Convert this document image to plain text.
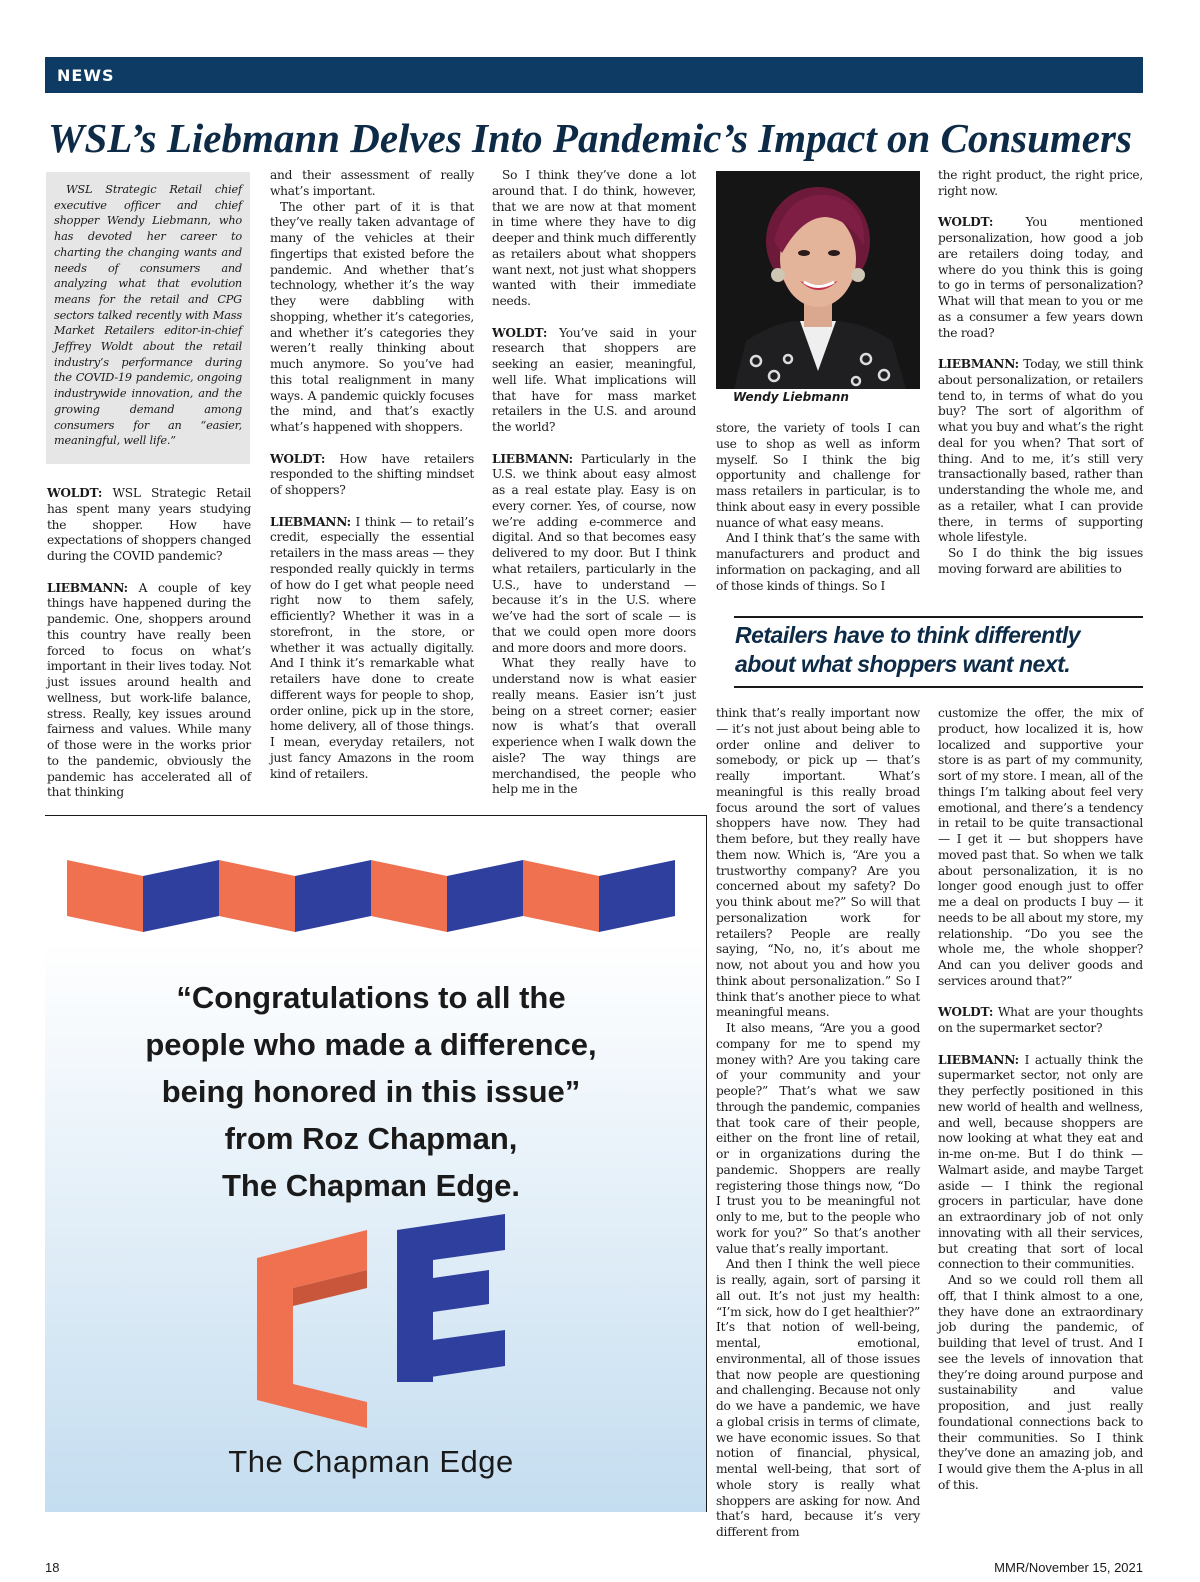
NEWS
WSL’s Liebmann Delves Into Pandemic’s Impact on Consumers

WSL Strategic Retail chief executive officer and chief shopper Wendy Liebmann, who has devoted her career to charting the changing wants and needs of consumers and analyzing what that evolution means for the retail and CPG sectors talked recently with Mass Market Retailers editor-in-chief Jeffrey Woldt about the retail industry’s performance during the COVID-19 pandemic, ongoing industrywide innovation, and the growing demand among consumers for an “easier, meaningful, well life.”

WOLDT: WSL Strategic Retail has spent many years studying the shopper. How have expectations of shoppers changed during the COVID pandemic?

LIEBMANN: A couple of key things have happened during the pandemic. One, shoppers around this country have really been forced to focus on what’s important in their lives today. Not just issues around health and wellness, but work-life balance, stress. Really, key issues around fairness and values. While many of those were in the works prior to the pandemic, obviously the pandemic has accelerated all of that thinking

and their assessment of really what’s important.

The other part of it is that they’ve really taken advantage of many of the vehicles at their fingertips that existed before the pandemic. And whether that’s technology, whether it’s the way they were dabbling with shopping, whether it’s categories, and whether it’s categories they weren’t really thinking about much anymore. So you’ve had this total realignment in many ways. A pandemic quickly focuses the mind, and that’s exactly what’s happened with shoppers.

WOLDT: How have retailers responded to the shifting mindset of shoppers?

LIEBMANN: I think — to retail’s credit, especially the essential retailers in the mass areas — they responded really quickly in terms of how do I get what people need right now to them safely, efficiently? Whether it was in a storefront, in the store, or whether it was actually digitally. And I think it’s remarkable what retailers have done to create different ways for people to shop, order online, pick up in the store, home delivery, all of those things. I mean, everyday retailers, not just fancy Amazons in the room kind of retailers.

So I think they’ve done a lot around that. I do think, however, that we are now at that moment in time where they have to dig deeper and think much differently as retailers about what shoppers want next, not just what shoppers wanted with their immediate needs.

WOLDT: You’ve said in your research that shoppers are seeking an easier, meaningful, well life. What implications will that have for mass market retailers in the U.S. and around the world?

LIEBMANN: Particularly in the U.S. we think about easy almost as a real estate play. Easy is on every corner. Yes, of course, now we’re adding e-commerce and digital. And so that becomes easy delivered to my door. But I think what retailers, particularly in the U.S., have to understand — because it’s in the U.S. where we’ve had the sort of scale — is that we could open more doors and more doors and more doors.

What they really have to understand now is what easier really means. Easier isn’t just being on a street corner; easier now is what’s that overall experience when I walk down the aisle? The way things are merchandised, the people who help me in the

Wendy Liebmann

store, the variety of tools I can use to shop as well as inform myself. So I think the big opportunity and challenge for mass retailers in particular, is to think about easy in every possible nuance of what easy means.

And I think that’s the same with manufacturers and product and information on packaging, and all of those kinds of things. So I

the right product, the right price, right now.

WOLDT:	You mentioned personalization, how good a job are retailers doing today, and where do you think this is going to go in terms of personalization? What will that mean to you or me as a consumer a few years down the road?

LIEBMANN: Today, we still think about personalization, or retailers tend to, in terms of what do you buy? The sort of algorithm of what you buy and what’s the right deal for you when? That sort of thing. And to me, it’s still very transactionally based, rather than understanding the whole me, and as a retailer, what I can provide there, in terms of supporting whole lifestyle.

So I do think the big issues moving forward are abilities to

Retailers have to think differently about what shoppers want next.

think that’s really important now — it’s not just about being able to order online and deliver to somebody, or pick up — that’s really important. What’s meaningful is this really broad focus around the sort of values shoppers have now. They had them before, but they really have them now. Which is, “Are you a trustworthy company? Are you concerned about my safety? Do you think about me?” So will that personalization work for retailers? People are really saying, “No, no, it’s about me now, not about you and how you think about personalization.” So I think that’s another piece to what meaningful means.

It also means, “Are you a good company for me to spend my money with? Are you taking care of your community and your people?” That’s what we saw through the pandemic, companies that took care of their people, either on the front line of retail, or in organizations during the pandemic. Shoppers are really registering those things now, “Do I trust you to be meaningful not only to me, but to the people who work for you?” So that’s another value that’s really important.

And then I think the well piece is really, again, sort of parsing it all out. It’s not just my health: “I’m sick, how do I get healthier?” It’s that notion of well-being, mental, emotional, environmental, all of those issues that now people are questioning and challenging. Because not only do we have a pandemic, we have a global crisis in terms of climate, we have economic issues. So that notion of financial, physical, mental well-being, that sort of whole story is really what shoppers are asking for now. And that’s hard, because it’s very different from

customize the offer, the mix of product, how localized it is, how localized and supportive your store is as part of my community, sort of my store. I mean, all of the things I’m talking about feel very emotional, and there’s a tendency in retail to be quite transactional — I get it — but shoppers have moved past that. So when we talk about personalization, it is no longer good enough just to offer me a deal on products I buy — it needs to be all about my store, my relationship. “Do you see the whole me, the whole shopper? And can you deliver goods and services around that?”

WOLDT: What are your thoughts on the supermarket sector?

LIEBMANN: I actually think the supermarket sector, not only are they perfectly positioned in this new world of health and wellness, and well, because shoppers are now looking at what they eat and in-me on-me. But I do think — Walmart aside, and maybe Target aside — I think the regional grocers in particular, have done an extraordinary job of not only innovating with all their services, but creating that sort of local connection to their communities.

And so we could roll them all off, that I think almost to a one, they have done an extraordinary job during the pandemic, of building that level of trust. And I see the levels of innovation that they’re doing around purpose and sustainability and value proposition, and just really foundational connections back to their communities. So I think they’ve done an amazing job, and I would give them the A-plus in all of this.

“Congratulations to all the
people who made a difference,
being honored in this issue”
from Roz Chapman,
The Chapman Edge.
The Chapman Edge
18	MMR/November 15, 2021
